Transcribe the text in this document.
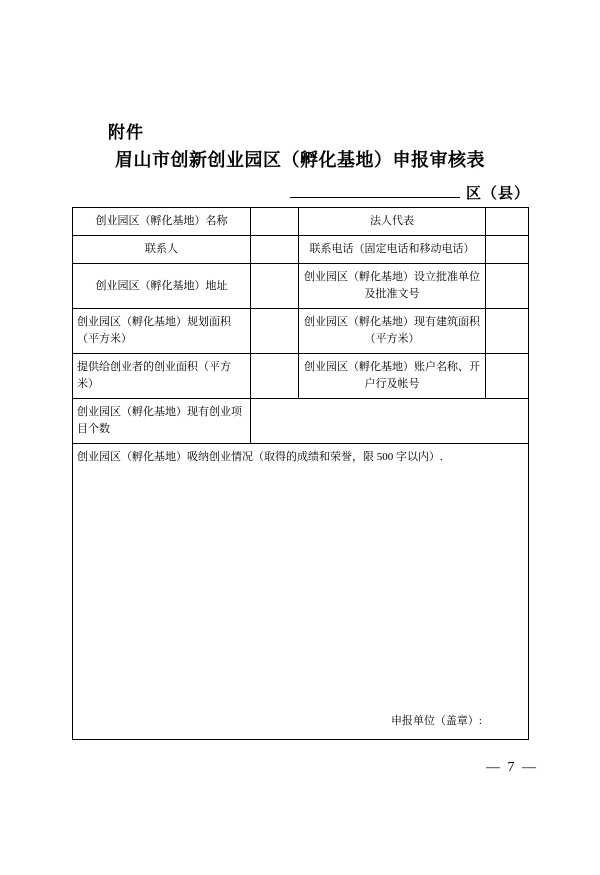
附件
眉山市创新创业园区（孵化基地）申报审核表
区（县）
创业园区（孵化基地）名称		法人代表	
联系人		联系电话（固定电话和移动电话）	
创业园区（孵化基地）地址		创业园区（孵化基地）设立批准单位及批准文号	
创业园区（孵化基地）规划面积（平方米）		创业园区（孵化基地）现有建筑面积（平方米）	
提供给创业者的创业面积（平方米）		创业园区（孵化基地）账户名称、开户行及帐号	
创业园区（孵化基地）现有创业项目个数			

创业园区（孵化基地）吸纳创业情况（取得的成绩和荣誉，限 500 字以内）.
申报单位（盖章）:			
— 7 —
